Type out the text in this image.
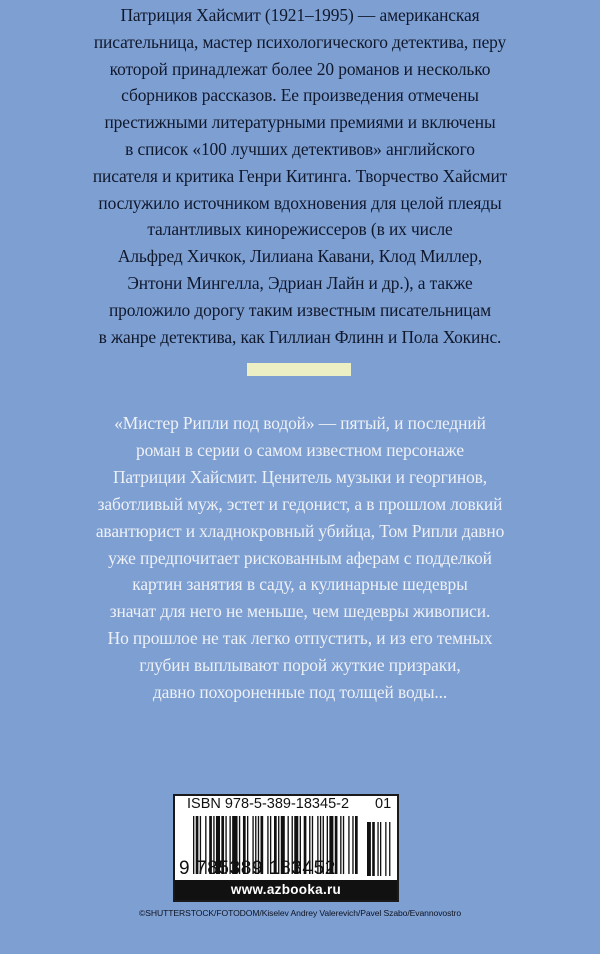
Патриция Хайсмит (1921–1995) — американская
писательница, мастер психологического детектива, перу
которой принадлежат более 20 романов и несколько
сборников рассказов. Ее произведения отмечены
престижными литературными премиями и включены
в список «100 лучших детективов» английского
писателя и критика Генри Китинга. Творчество Хайсмит
послужило источником вдохновения для целой плеяды
талантливых кинорежиссеров (в их числе
Альфред Хичкок, Лилиана Кавани, Клод Миллер,
Энтони Мингелла, Эдриан Лайн и др.), а также
проложило дорогу таким известным писательницам
в жанре детектива, как Гиллиан Флинн и Пола Хокинс.
«Мистер Рипли под водой» — пятый, и последний
роман в серии о самом известном персонаже
Патриции Хайсмит. Ценитель музыки и георгинов,
заботливый муж, эстет и гедонист, а в прошлом ловкий
авантюрист и хладнокровный убийца, Том Рипли давно
уже предпочитает рискованным аферам с подделкой
картин занятия в саду, а кулинарные шедевры
значат для него не меньше, чем шедевры живописи.
Но прошлое не так легко отпустить, и из его темных
глубин выплывают порой жуткие призраки,
давно похороненные под толщей воды...
ISBN 978-5-389-18345-2 01
9 785389 183452
www.azbooka.ru
©SHUTTERSTOCK/FOTODOM/Kiselev Andrey Valerevich/Pavel Szabo/Evannovostro
